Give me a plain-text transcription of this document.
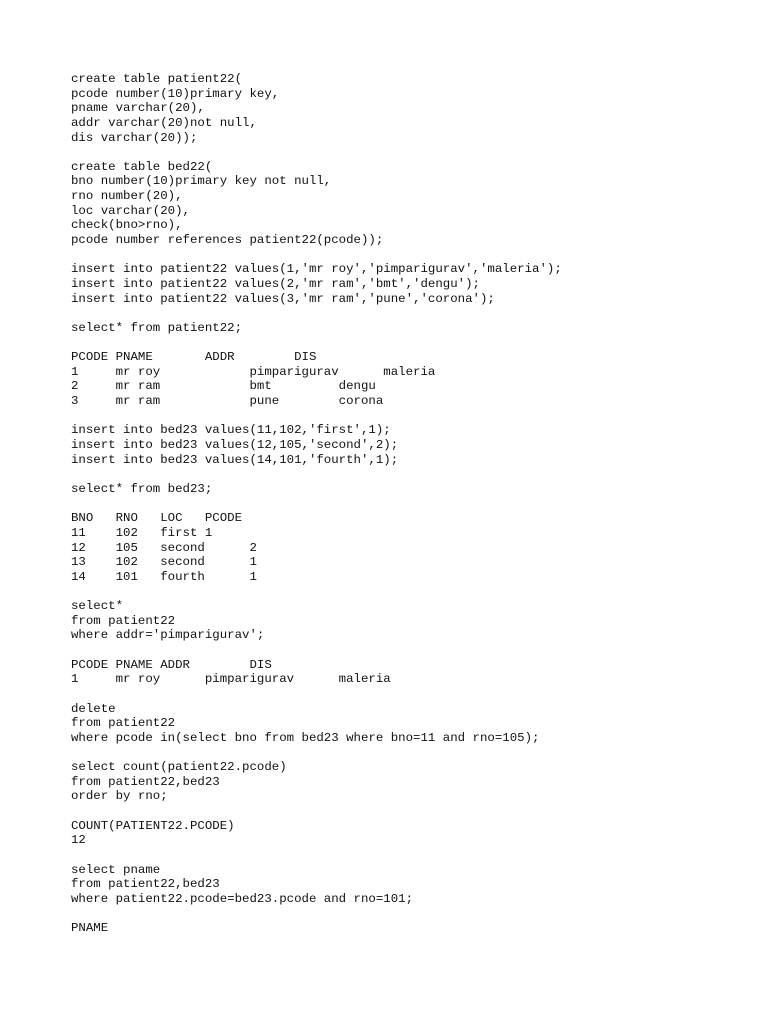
create table patient22(
pcode number(10)primary key,
pname varchar(20),
addr varchar(20)not null,
dis varchar(20));
create table bed22(
bno number(10)primary key not null,
rno number(20),
loc varchar(20),
check(bno>rno),
pcode number references patient22(pcode));
insert into patient22 values(1,'mr roy','pimparigurav','maleria');
insert into patient22 values(2,'mr ram','bmt','dengu');
insert into patient22 values(3,'mr ram','pune','corona');
select* from patient22;
PCODE PNAME       ADDR        DIS
1     mr roy            pimparigurav      maleria
2     mr ram            bmt         dengu
3     mr ram            pune        corona
insert into bed23 values(11,102,'first',1);
insert into bed23 values(12,105,'second',2);
insert into bed23 values(14,101,'fourth',1);
select* from bed23;
BNO   RNO   LOC   PCODE
11    102   first 1
12    105   second      2
13    102   second      1
14    101   fourth      1
select*
from patient22
where addr='pimparigurav';
PCODE PNAME ADDR        DIS
1     mr roy      pimparigurav      maleria
delete
from patient22
where pcode in(select bno from bed23 where bno=11 and rno=105);
select count(patient22.pcode)
from patient22,bed23
order by rno;
COUNT(PATIENT22.PCODE)
12
select pname
from patient22,bed23
where patient22.pcode=bed23.pcode and rno=101;
PNAME
